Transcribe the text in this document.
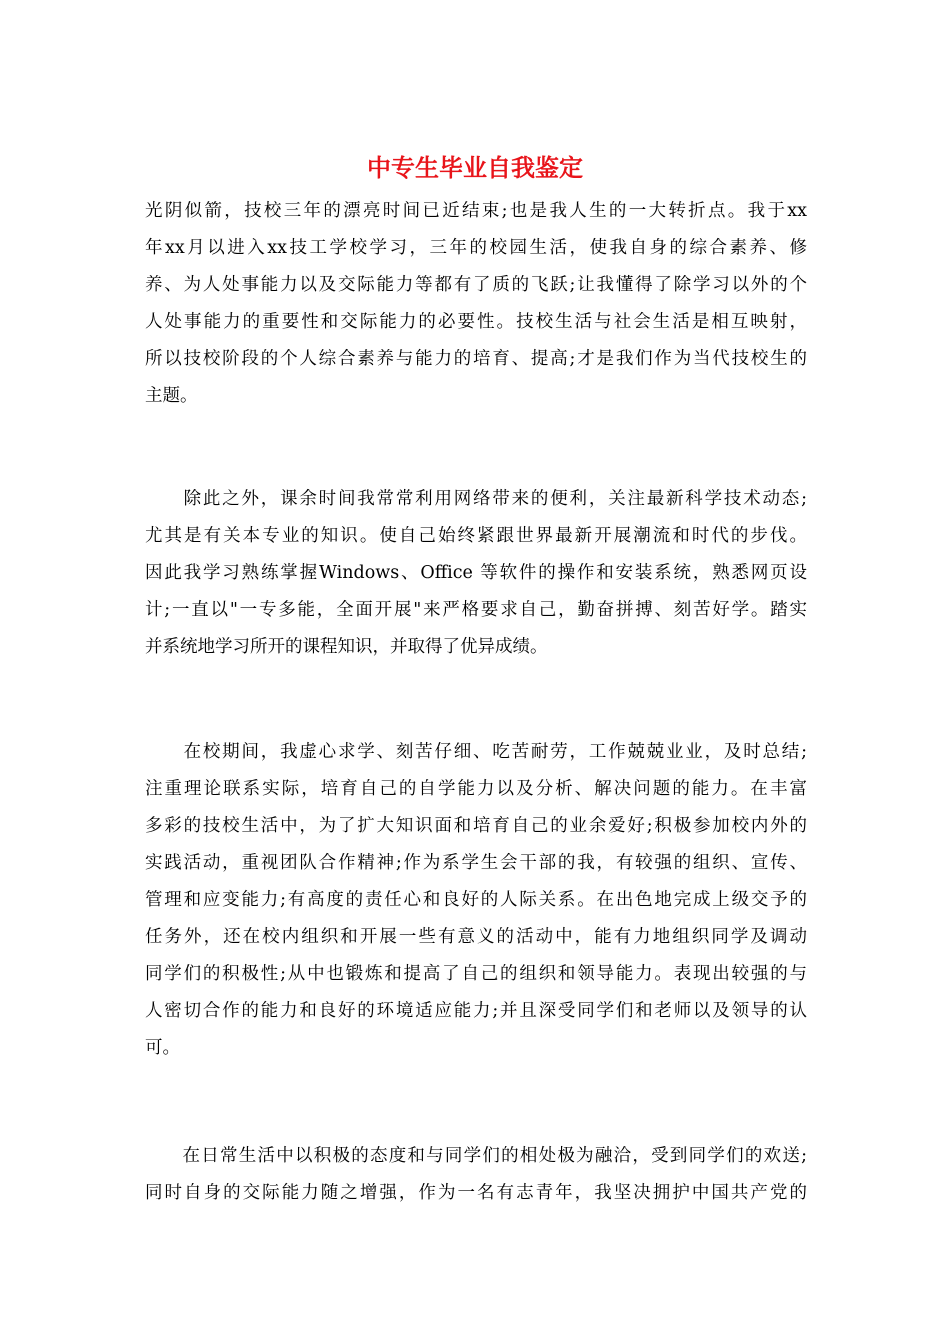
中专生毕业自我鉴定
光阴似箭，技校三年的漂亮时间已近结束;也是我人生的一大转折点。我于xx
年xx月以进入xx技工学校学习，三年的校园生活，使我自身的综合素养、修
养、为人处事能力以及交际能力等都有了质的飞跃;让我懂得了除学习以外的个
人处事能力的重要性和交际能力的必要性。技校生活与社会生活是相互映射，
所以技校阶段的个人综合素养与能力的培育、提高;才是我们作为当代技校生的
主题。
　　除此之外，课余时间我常常利用网络带来的便利，关注最新科学技术动态;
尤其是有关本专业的知识。使自己始终紧跟世界最新开展潮流和时代的步伐。
因此我学习熟练掌握Windows、Office 等软件的操作和安装系统，熟悉网页设
计;一直以"一专多能，全面开展"来严格要求自己，勤奋拼搏、刻苦好学。踏实
并系统地学习所开的课程知识，并取得了优异成绩。
　　在校期间，我虚心求学、刻苦仔细、吃苦耐劳，工作兢兢业业，及时总结;
注重理论联系实际，培育自己的自学能力以及分析、解决问题的能力。在丰富
多彩的技校生活中，为了扩大知识面和培育自己的业余爱好;积极参加校内外的
实践活动，重视团队合作精神;作为系学生会干部的我，有较强的组织、宣传、
管理和应变能力;有高度的责任心和良好的人际关系。在出色地完成上级交予的
任务外，还在校内组织和开展一些有意义的活动中，能有力地组织同学及调动
同学们的积极性;从中也锻炼和提高了自己的组织和领导能力。表现出较强的与
人密切合作的能力和良好的环境适应能力;并且深受同学们和老师以及领导的认
可。
　　在日常生活中以积极的态度和与同学们的相处极为融洽，受到同学们的欢送;
同时自身的交际能力随之增强，作为一名有志青年，我坚决拥护中国共产党的
